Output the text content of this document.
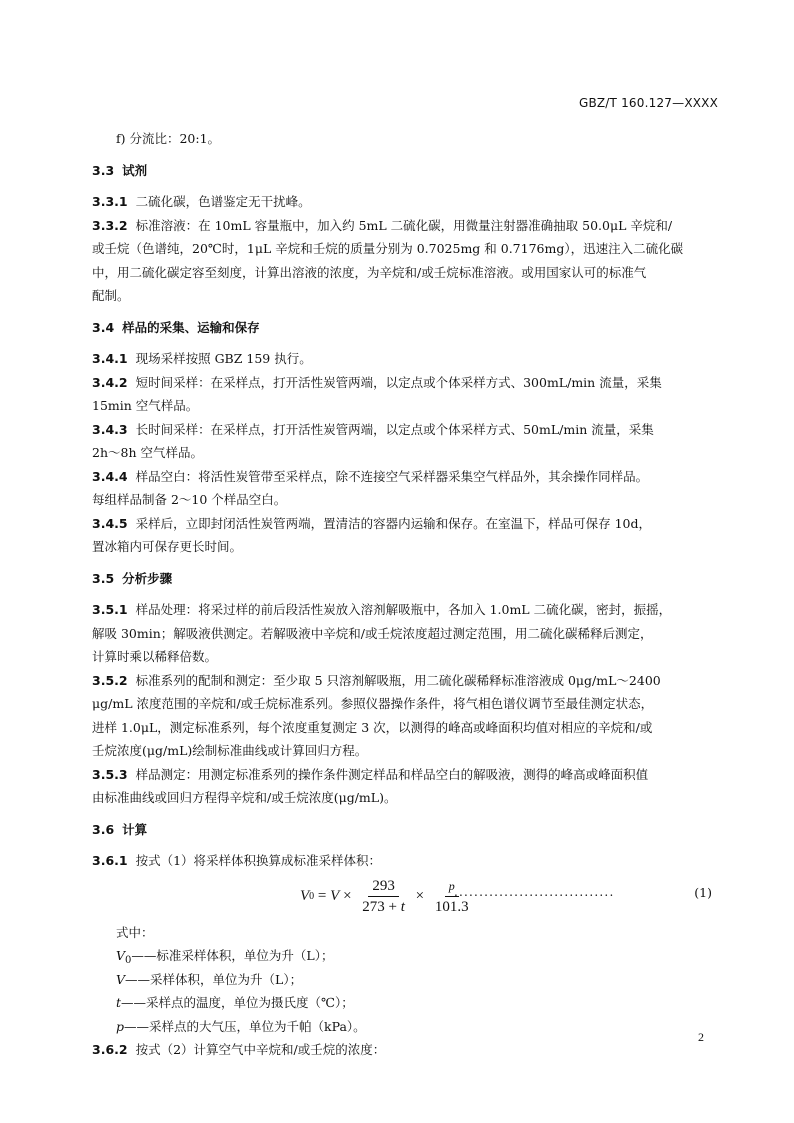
GBZ/T 160.127—XXXX
f) 分流比：20:1。
3.3 试剂
3.3.1 二硫化碳，色谱鉴定无干扰峰。
3.3.2 标准溶液：在 10mL 容量瓶中，加入约 5mL 二硫化碳，用微量注射器准确抽取 50.0μL 辛烷和/
或壬烷（色谱纯，20℃时，1μL 辛烷和壬烷的质量分别为 0.7025mg 和 0.7176mg），迅速注入二硫化碳
中，用二硫化碳定容至刻度，计算出溶液的浓度，为辛烷和/或壬烷标准溶液。或用国家认可的标准气
配制。
3.4 样品的采集、运输和保存
3.4.1 现场采样按照 GBZ 159 执行。
3.4.2 短时间采样：在采样点，打开活性炭管两端，以定点或个体采样方式、300mL/min 流量，采集
15min 空气样品。
3.4.3 长时间采样：在采样点，打开活性炭管两端，以定点或个体采样方式、50mL/min 流量，采集
2h～8h 空气样品。
3.4.4 样品空白：将活性炭管带至采样点，除不连接空气采样器采集空气样品外，其余操作同样品。
每组样品制备 2～10 个样品空白。
3.4.5 采样后，立即封闭活性炭管两端，置清洁的容器内运输和保存。在室温下，样品可保存 10d，
置冰箱内可保存更长时间。
3.5 分析步骤
3.5.1 样品处理：将采过样的前后段活性炭放入溶剂解吸瓶中，各加入 1.0mL 二硫化碳，密封，振摇，
解吸 30min；解吸液供测定。若解吸液中辛烷和/或壬烷浓度超过测定范围，用二硫化碳稀释后测定，
计算时乘以稀释倍数。
3.5.2 标准系列的配制和测定：至少取 5 只溶剂解吸瓶，用二硫化碳稀释标准溶液成 0μg/mL～2400
μg/mL 浓度范围的辛烷和/或壬烷标准系列。参照仪器操作条件，将气相色谱仪调节至最佳测定状态，
进样 1.0μL，测定标准系列，每个浓度重复测定 3 次，以测得的峰高或峰面积均值对相应的辛烷和/或
壬烷浓度(μg/mL)绘制标准曲线或计算回归方程。
3.5.3 样品测定：用测定标准系列的操作条件测定样品和样品空白的解吸液，测得的峰高或峰面积值
由标准曲线或回归方程得辛烷和/或壬烷浓度(μg/mL)。
3.6 计算
3.6.1 按式（1）将采样体积换算成标准采样体积：
V $0 = V \times \frac{293}{273 + t} \times \frac{p}{101.3}$
................................	(1)
式中：
$V_0——$标准采样体积，单位为升（L）；
V——采样体积，单位为升（L）；
t——采样点的温度，单位为摄氏度（℃）；
p——采样点的大气压，单位为千帕（kPa）。
3.6.2 按式（2）计算空气中辛烷和/或壬烷的浓度：
2
